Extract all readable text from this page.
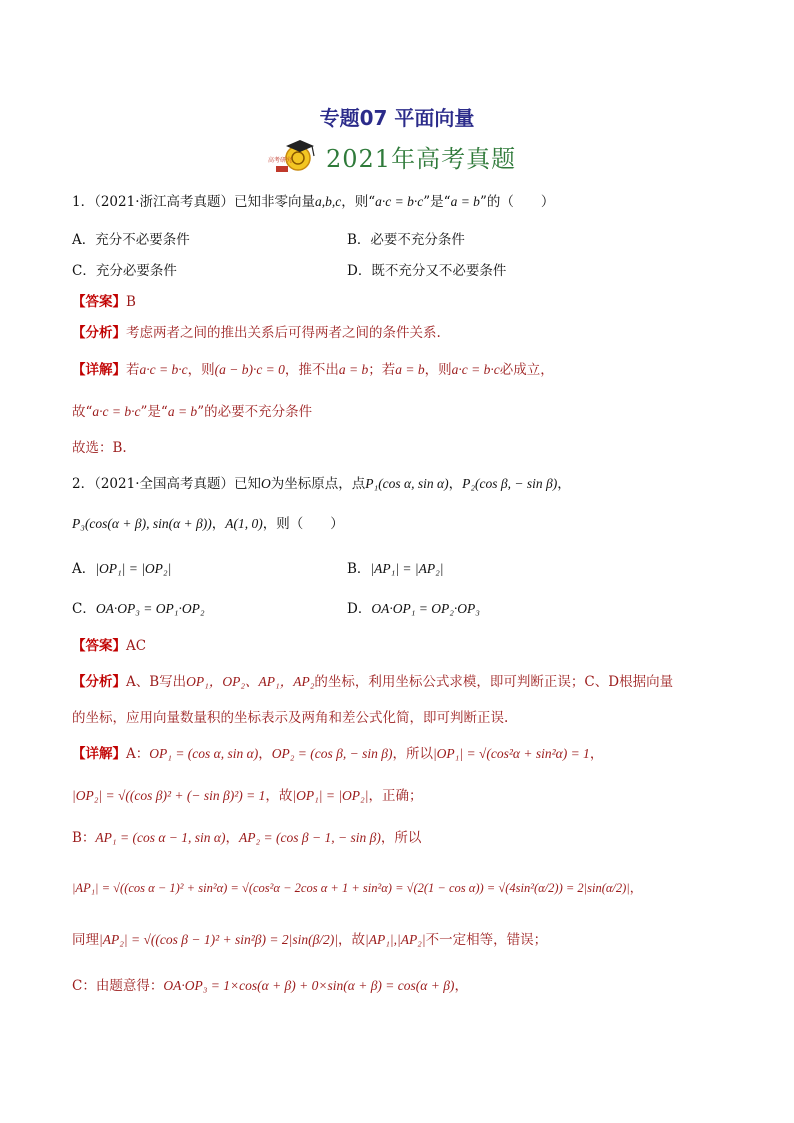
专题07 平面向量
高考研究 2021年高考真题
1．（2021·浙江高考真题）已知非零向量a,b,c，则“a·c = b·c”是“a = b”的（　　）
A．充分不必要条件	B．必要不充分条件
C．充分必要条件	D．既不充分又不必要条件
【答案】B
【分析】考虑两者之间的推出关系后可得两者之间的条件关系.
【详解】若a·c = b·c，则(a − b)·c = 0，推不出a = b；若a = b，则a·c = b·c必成立，
故“a·c = b·c”是“a = b”的必要不充分条件
故选：B.
2．（2021·全国高考真题）已知O为坐标原点，点P₁(cos α, sin α)，P₂(cos β, − sin β)，
P₃(cos(α + β), sin(α + β))，A(1, 0)，则（　　）
A．|OP₁| = |OP₂|	B．|AP₁| = |AP₂|
C．OA·OP₃ = OP₁·OP₂	D．OA·OP₁ = OP₂·OP₃
【答案】AC
【分析】A、B写出OP₁，OP₂、AP₁，AP₂的坐标，利用坐标公式求模，即可判断正误；C、D根据向量
的坐标，应用向量数量积的坐标表示及两角和差公式化简，即可判断正误.
【详解】A：OP₁ = (cos α, sin α)，OP₂ = (cos β, − sin β)，所以|OP₁| = √(cos²α + sin²α) = 1，
|OP₂| = √((cos β)² + (− sin β)²) = 1，故|OP₁| = |OP₂|，正确；
B：AP₁ = (cos α − 1, sin α)，AP₂ = (cos β − 1, − sin β)，所以
|AP₁| = √((cos α − 1)² + sin²α) = √(cos²α − 2cos α + 1 + sin²α) = √(2(1 − cos α)) = √(4sin²(α/2)) = 2|sin(α/2)|，
同理|AP₂| = √((cos β − 1)² + sin²β) = 2|sin(β/2)|，故|AP₁|,|AP₂|不一定相等，错误；
C：由题意得：OA·OP₃ = 1×cos(α + β) + 0×sin(α + β) = cos(α + β)，
